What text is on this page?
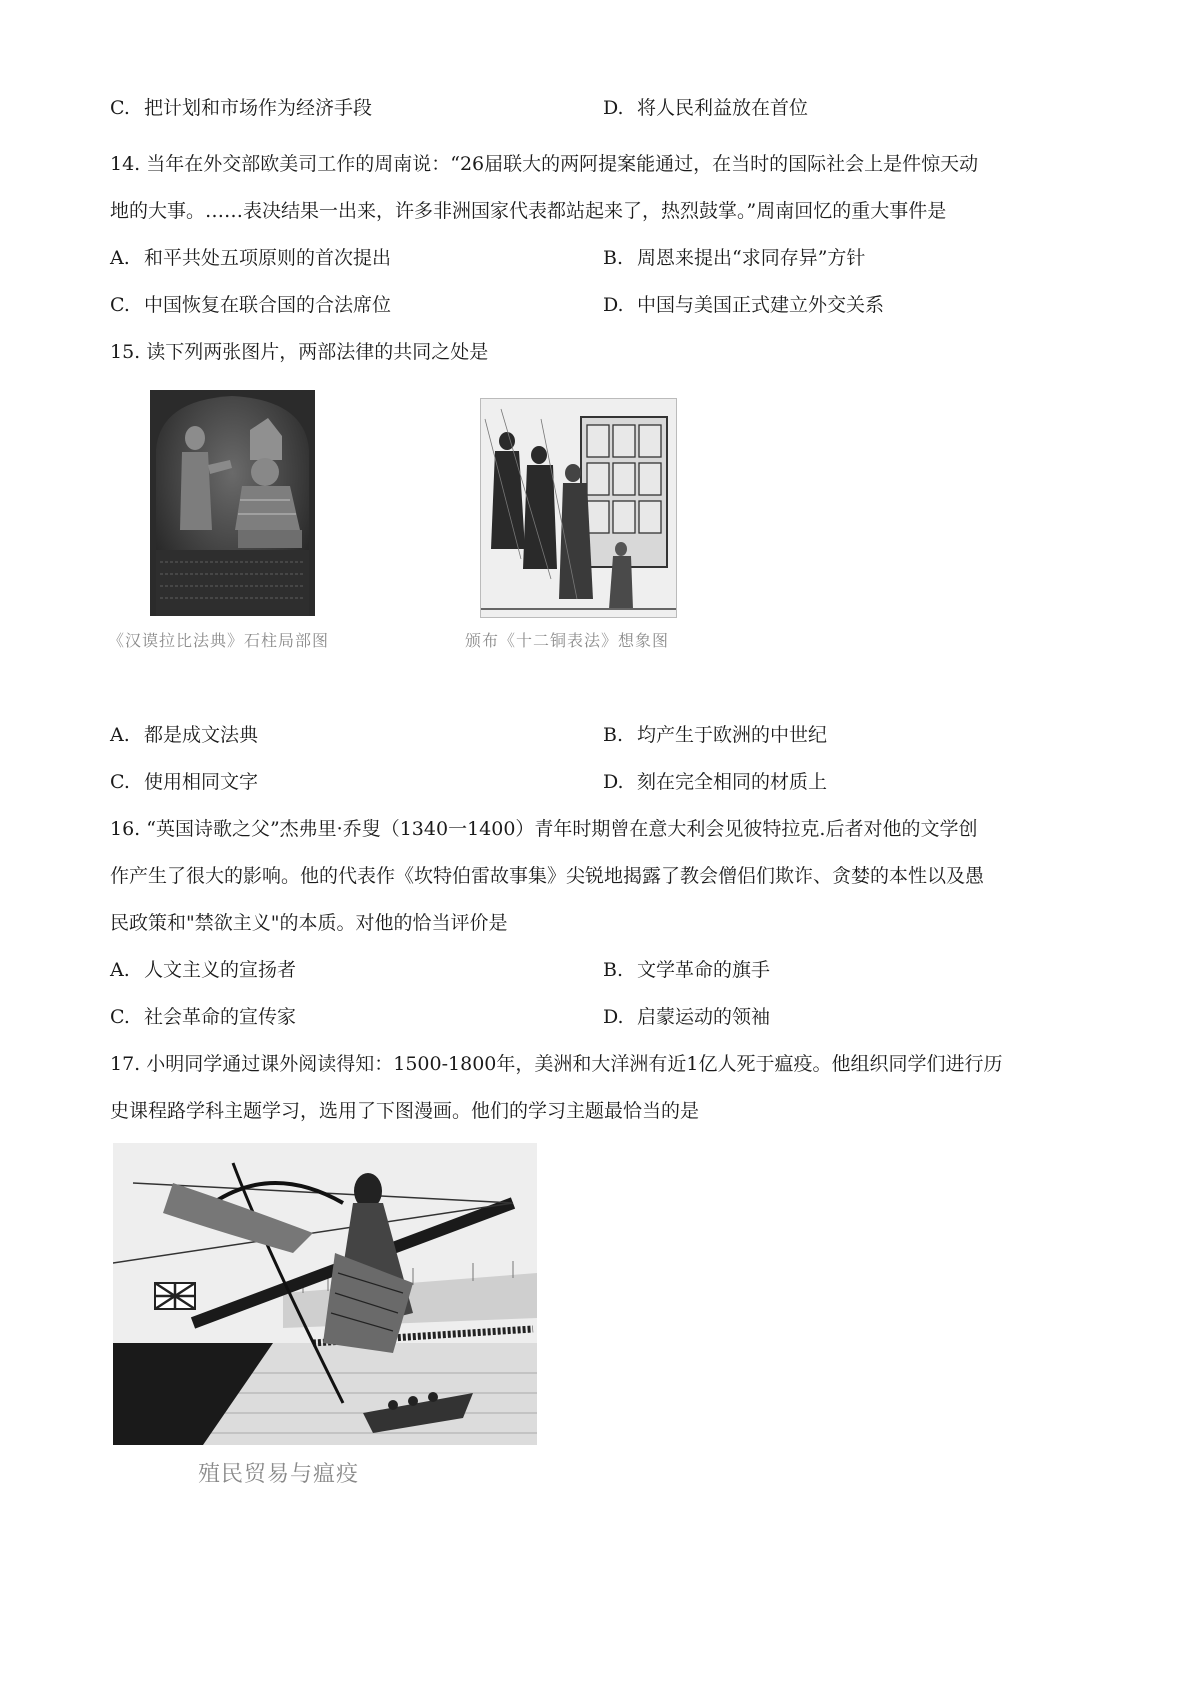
C. 把计划和市场作为经济手段	D. 将人民利益放在首位
14. 当年在外交部欧美司工作的周南说：“26届联大的两阿提案能通过，在当时的国际社会上是件惊天动
地的大事。……表决结果一出来，许多非洲国家代表都站起来了，热烈鼓掌。”周南回忆的重大事件是
A. 和平共处五项原则的首次提出	B. 周恩来提出“求同存异”方针
C. 中国恢复在联合国的合法席位	D. 中国与美国正式建立外交关系
15. 读下列两张图片，两部法律的共同之处是
《汉谟拉比法典》石柱局部图	颁布《十二铜表法》想象图
A. 都是成文法典	B. 均产生于欧洲的中世纪
C. 使用相同文字	D. 刻在完全相同的材质上
16. “英国诗歌之父”杰弗里·乔叟（1340一1400）青年时期曾在意大利会见彼特拉克.后者对他的文学创
作产生了很大的影响。他的代表作《坎特伯雷故事集》尖锐地揭露了教会僧侣们欺诈、贪婪的本性以及愚
民政策和"禁欲主义"的本质。对他的恰当评价是
A. 人文主义的宣扬者	B. 文学革命的旗手
C. 社会革命的宣传家	D. 启蒙运动的领袖
17. 小明同学通过课外阅读得知：1500-1800年，美洲和大洋洲有近1亿人死于瘟疫。他组织同学们进行历
史课程路学科主题学习，选用了下图漫画。他们的学习主题最恰当的是
殖民贸易与瘟疫
